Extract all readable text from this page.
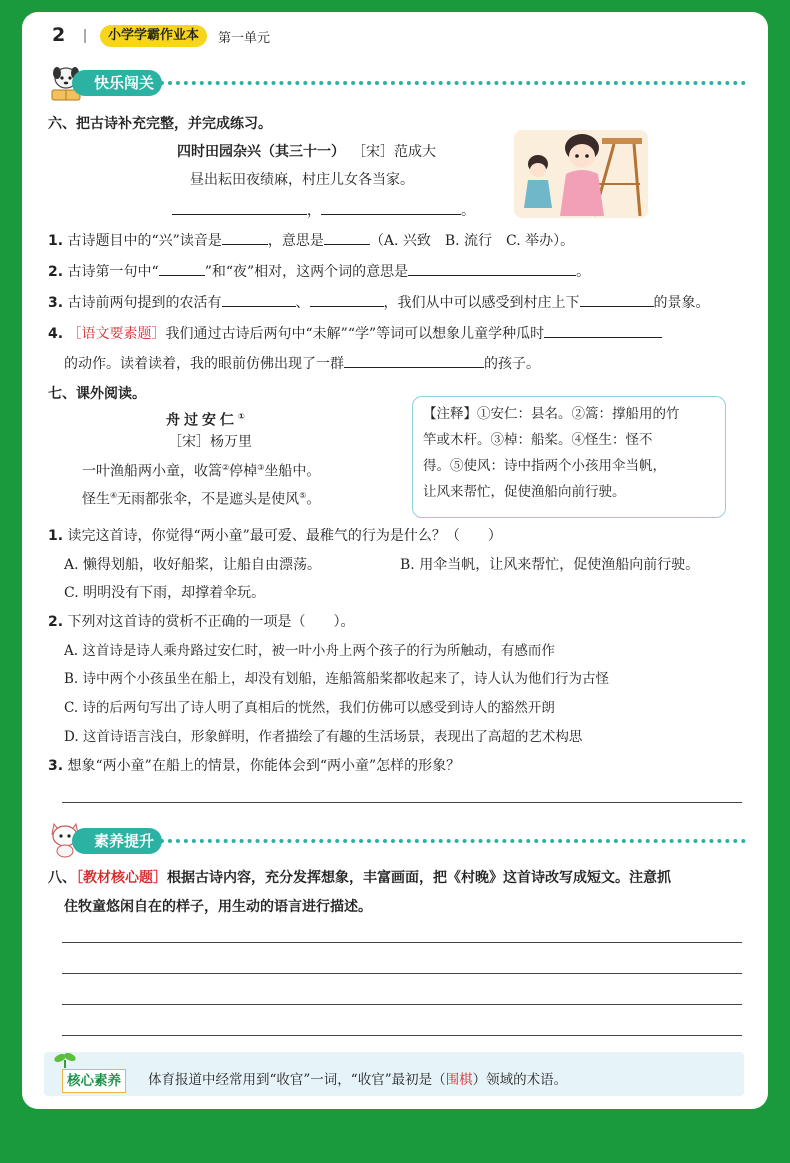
2	小学学霸作业本	第一单元
快乐闯关
六、把古诗补充完整，并完成练习。
四时田园杂兴（其三十一） ［宋］范成大
昼出耘田夜绩麻，村庄儿女各当家。
，	。
1. 古诗题目中的“兴”读音是	，意思是	（A. 兴致　B. 流行　C. 举办）。
2. 古诗第一句中“	”和“夜”相对，这两个词的意思是	。
3. 古诗前两句提到的农活有	、	，我们从中可以感受到村庄上下	的景象。
4. ［语文要素题］我们通过古诗后两句中“未解”“学”等词可以想象儿童学种瓜时
的动作。读着读着，我的眼前仿佛出现了一群	的孩子。
七、课外阅读。
舟过安仁①
［宋］杨万里
一叶渔船两小童，收篙②停棹③坐船中。
怪生④无雨都张伞，不是遮头是使风⑤。
【注释】①安仁：县名。②篙：撑船用的竹
竿或木杆。③棹：船桨。④怪生：怪不
得。⑤使风：诗中指两个小孩用伞当帆，
让风来帮忙，促使渔船向前行驶。
1. 读完这首诗，你觉得“两小童”最可爱、最稚气的行为是什么？（　　）
A. 懒得划船，收好船桨，让船自由漂荡。	B. 用伞当帆，让风来帮忙，促使渔船向前行驶。
C. 明明没有下雨，却撑着伞玩。
2. 下列对这首诗的赏析不正确的一项是（　　）。
A. 这首诗是诗人乘舟路过安仁时，被一叶小舟上两个孩子的行为所触动，有感而作
B. 诗中两个小孩虽坐在船上，却没有划船，连船篙船桨都收起来了，诗人认为他们行为古怪
C. 诗的后两句写出了诗人明了真相后的恍然，我们仿佛可以感受到诗人的豁然开朗
D. 这首诗语言浅白，形象鲜明，作者描绘了有趣的生活场景，表现出了高超的艺术构思
3. 想象“两小童”在船上的情景，你能体会到“两小童”怎样的形象？
素养提升
八、［教材核心题］根据古诗内容，充分发挥想象，丰富画面，把《村晚》这首诗改写成短文。注意抓
住牧童悠闲自在的样子，用生动的语言进行描述。
核心素养	体育报道中经常用到“收官”一词，“收官”最初是（围棋）领域的术语。
